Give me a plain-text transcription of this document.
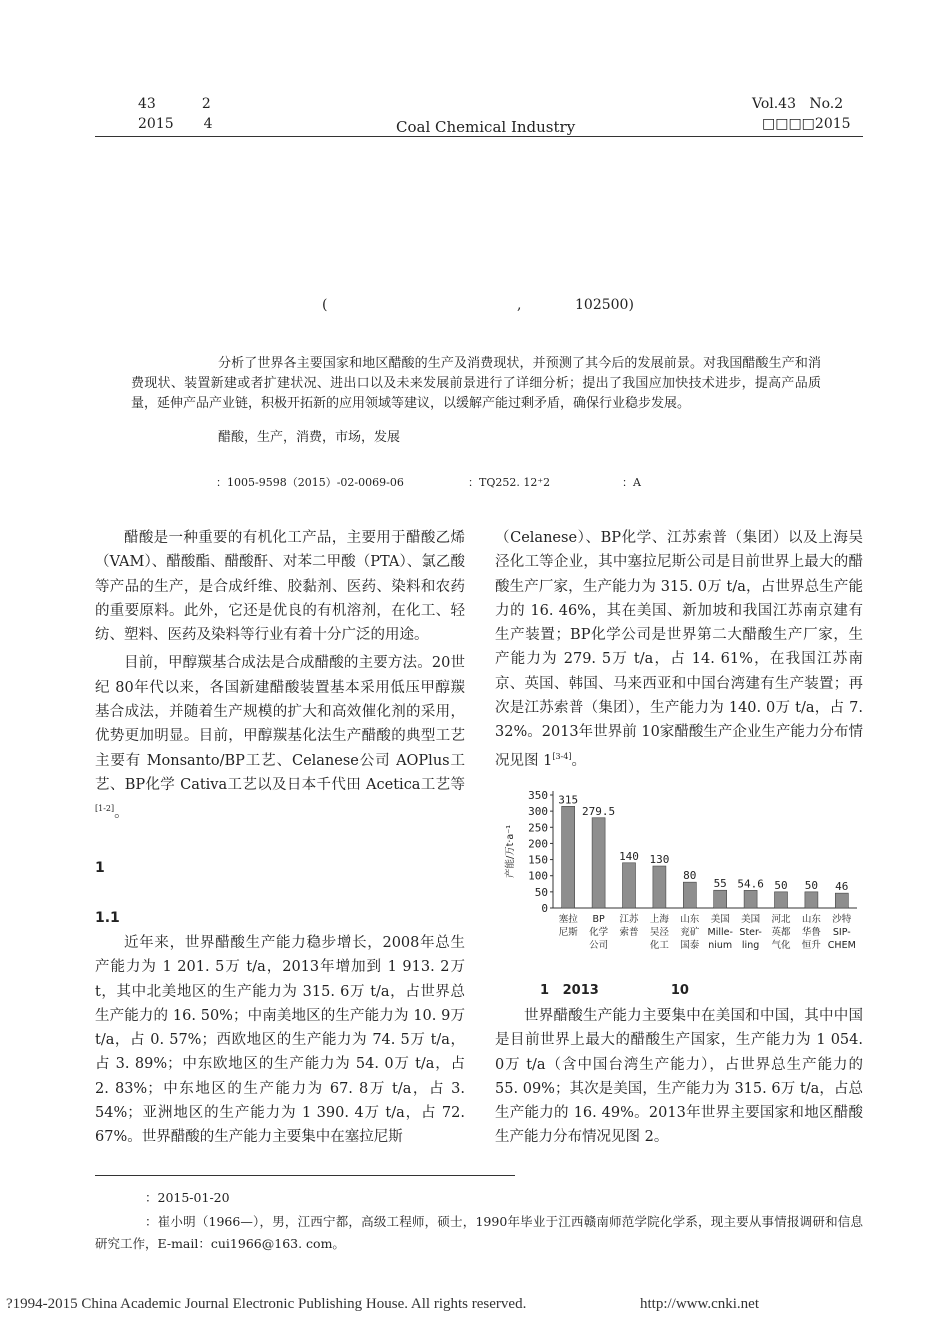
43	2
2015 4	Coal Chemical Industry
Vol.43 No.2
□□□□2015
(	,	102500)
分析了世界各主要国家和地区醋酸的生产及消费现状，并预测了其今后的发展前景。对我国醋酸生产和消费现状、装置新建或者扩建状况、进出口以及未来发展前景进行了详细分析；提出了我国应加快技术进步，提高产品质量，延伸产品产业链，积极开拓新的应用领域等建议，以缓解产能过剩矛盾，确保行业稳步发展。
醋酸，生产，消费，市场，发展
：1005-9598（2015）-02-0069-06	：TQ252. 12⁺2	：A

醋酸是一种重要的有机化工产品，主要用于醋酸乙烯（VAM）、醋酸酯、醋酸酐、对苯二甲酸（PTA）、氯乙酸等产品的生产，是合成纤维、胶黏剂、医药、染料和农药的重要原料。此外，它还是优良的有机溶剂，在化工、轻纺、塑料、医药及染料等行业有着十分广泛的用途。

目前，甲醇羰基合成法是合成醋酸的主要方法。20世纪 80年代以来，各国新建醋酸装置基本采用低压甲醇羰基合成法，并随着生产规模的扩大和高效催化剂的采用，优势更加明显。目前，甲醇羰基化法生产醋酸的典型工艺主要有 Monsanto/BP工艺、Celanese公司 AOPlus工艺、BP化学 Cativa工艺以及日本千代田 Acetica工艺等[1-2]。

1
1.1

近年来，世界醋酸生产能力稳步增长，2008年总生产能力为 1 201. 5万 t/a，2013年增加到 1 913. 2万 t，其中北美地区的生产能力为 315. 6万 t/a，占世界总生产能力的 16. 50%；中南美地区的生产能力为 10. 9万 t/a，占 0. 57%；西欧地区的生产能力为 74. 5万 t/a，占 3. 89%；中东欧地区的生产能力为 54. 0万 t/a，占 2. 83%；中东地区的生产能力为 67. 8万 t/a，占 3. 54%；亚洲地区的生产能力为 1 390. 4万 t/a，占 72. 67%。世界醋酸的生产能力主要集中在塞拉尼斯

（Celanese）、BP化学、江苏索普（集团）以及上海吴泾化工等企业，其中塞拉尼斯公司是目前世界上最大的醋酸生产厂家，生产能力为 315. 0万 t/a，占世界总生产能力的 16. 46%，其在美国、新加坡和我国江苏南京建有生产装置；BP化学公司是世界第二大醋酸生产厂家，生产能力为 279. 5万 t/a，占 14. 61%，在我国江苏南京、英国、韩国、马来西亚和中国台湾建有生产装置；再次是江苏索普（集团），生产能力为 140. 0万 t/a，占 7. 32%。2013年世界前 10家醋酸生产企业生产能力分布情况见图 1[3-4]。

0
50
100
150
200
250
300
350
产能/万t·a⁻¹
315
塞拉
尼斯
279.5
BP
化学
公司
140
江苏
索普
130
上海
吴泾
化工
80
山东
兖矿
国泰
55
美国
Mille-
nium
54.6
美国
Ster-
ling
50
河北
英都
气化
50
山东
华鲁
恒升
46
沙特
SIP-
CHEM
1 2013	10

世界醋酸生产能力主要集中在美国和中国，其中中国是目前世界上最大的醋酸生产国家，生产能力为 1 054. 0万 t/a（含中国台湾生产能力），占世界总生产能力的 55. 09%；其次是美国，生产能力为 315. 6万 t/a，占总生产能力的 16. 49%。2013年世界主要国家和地区醋酸生产能力分布情况见图 2。

：2015-01-20
：崔小明（1966—），男，江西宁都，高级工程师，硕士，1990年毕业于江西赣南师范学院化学系，现主要从事情报调研和信息研究工作，E-mail：cui1966@163. com。
?1994-2015 China Academic Journal Electronic Publishing House. All rights reserved.	http://www.cnki.net
